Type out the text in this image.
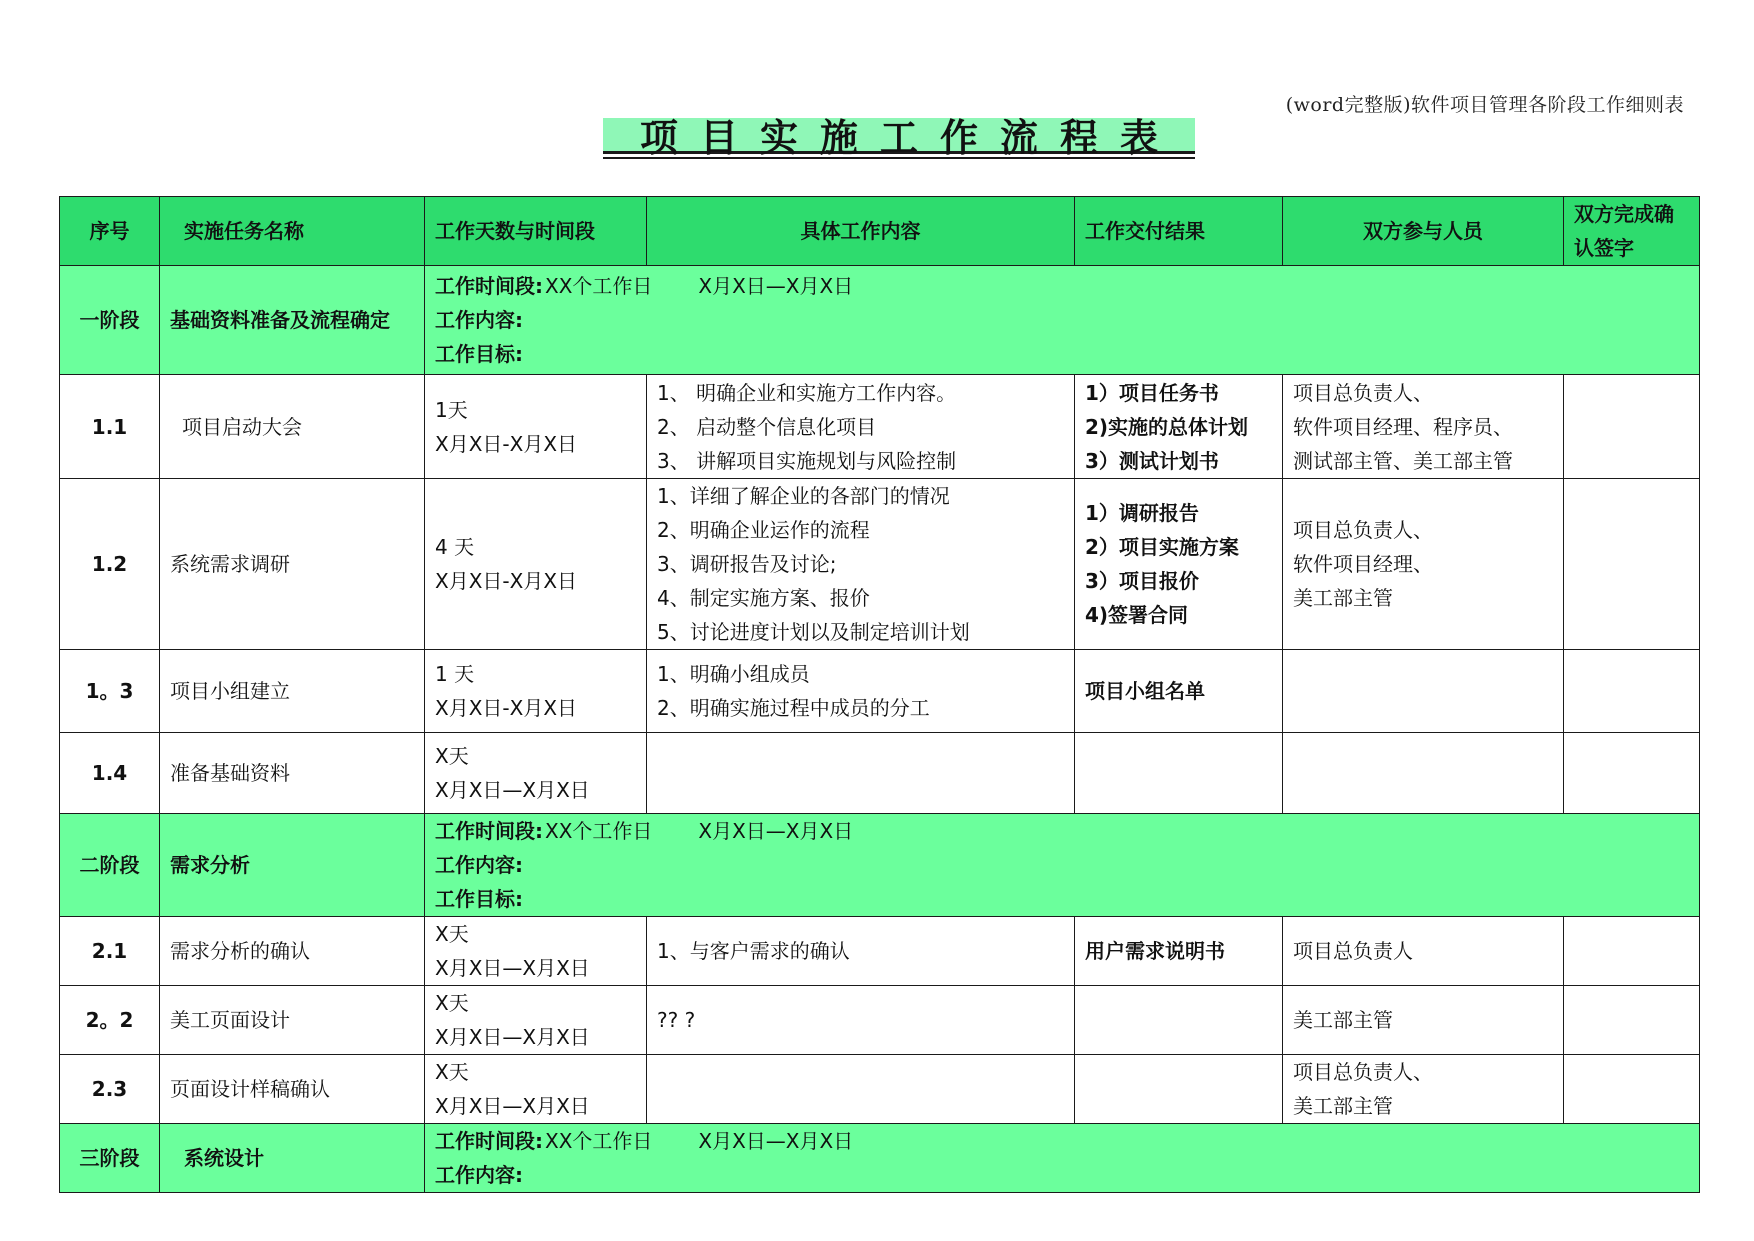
(word完整版)软件项目管理各阶段工作细则表
项目实施工作流程表
序号	实施任务名称	工作天数与时间段	具体工作内容	工作交付结果	双方参与人员	双方完成确认签字
一阶段	基础资料准备及流程确定	工作时间段: XX个工作日 X月X日—X月X日
工作内容:
工作目标:				

1.1	项目启动大会	1天
X月X日-X月X日	1、 明确企业和实施方工作内容。
2、 启动整个信息化项目
3、 讲解项目实施规划与风险控制	1）项目任务书
2)实施的总体计划
3）测试计划书	项目总负责人、
软件项目经理、程序员、
测试部主管、美工部主管	

1.2	系统需求调研	4 天
X月X日-X月X日	1、详细了解企业的各部门的情况
2、明确企业运作的流程
3、调研报告及讨论;
4、制定实施方案、报价
5、讨论进度计划以及制定培训计划	1）调研报告
2）项目实施方案
3）项目报价
4)签署合同	项目总负责人、
软件项目经理、
美工部主管	

1。3	项目小组建立	1 天
X月X日-X月X日	1、明确小组成员
2、明确实施过程中成员的分工	项目小组名单		

1.4	准备基础资料	X天
X月X日—X月X日				

二阶段	需求分析	工作时间段: XX个工作日 X月X日—X月X日
工作内容:
工作目标:				

2.1	需求分析的确认	X天
X月X日—X月X日	1、与客户需求的确认	用户需求说明书	项目总负责人	

2。2	美工页面设计	X天
X月X日—X月X日	?? ?		美工部主管	

2.3	页面设计样稿确认	X天
X月X日—X月X日			项目总负责人、
美工部主管	

三阶段	系统设计	工作时间段: XX个工作日 X月X日—X月X日
工作内容:				
